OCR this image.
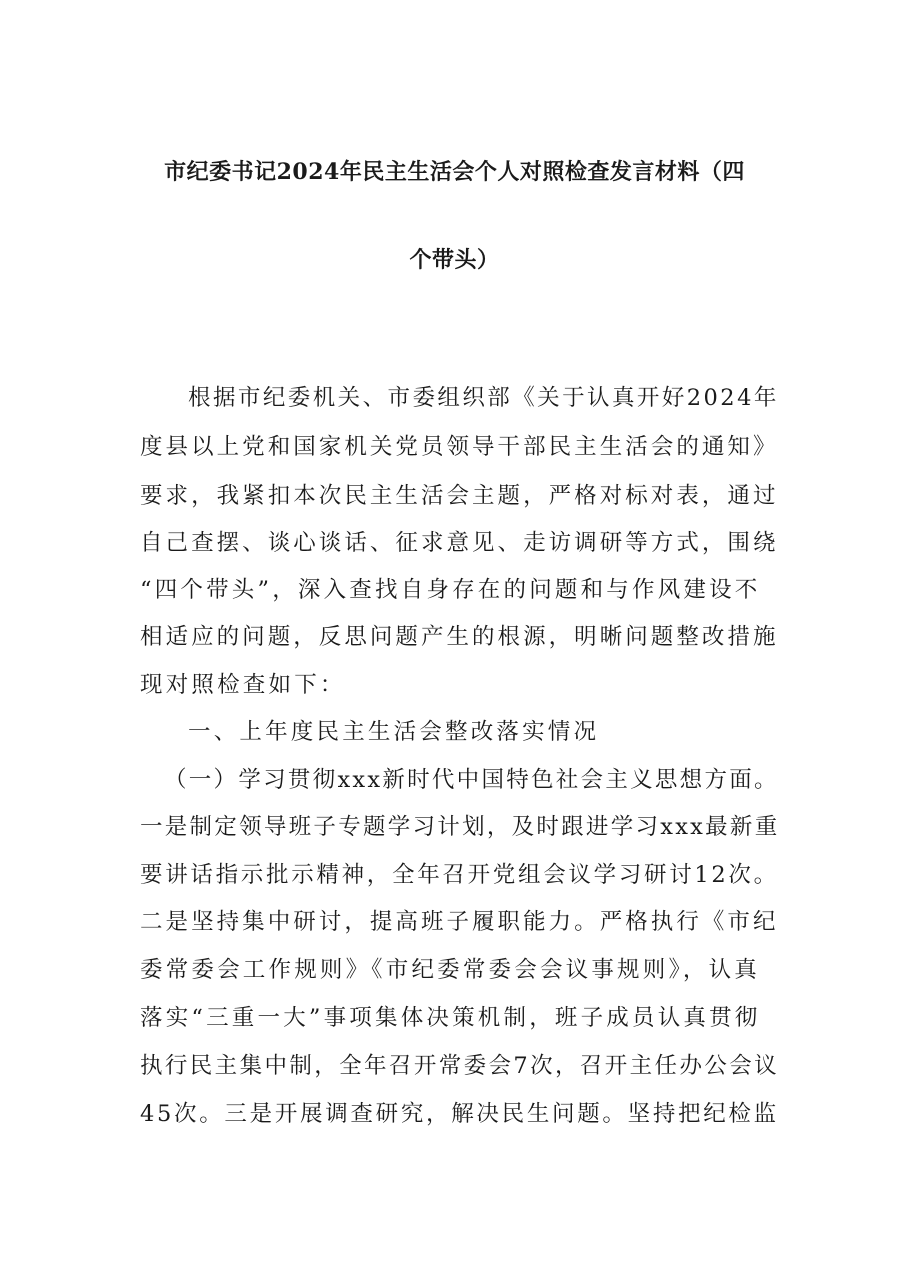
市纪委书记2024年民主生活会个人对照检查发言材料（四
个带头）
根据市纪委机关、市委组织部《关于认真开好2024年
度县以上党和国家机关党员领导干部民主生活会的通知》
要求，我紧扣本次民主生活会主题，严格对标对表，通过
自己查摆、谈心谈话、征求意见、走访调研等方式，围绕
“四个带头”，深入查找自身存在的问题和与作风建设不
相适应的问题，反思问题产生的根源，明晰问题整改措施
现对照检查如下：
一、上年度民主生活会整改落实情况
（一）学习贯彻xxx新时代中国特色社会主义思想方面。
一是制定领导班子专题学习计划，及时跟进学习xxx最新重
要讲话指示批示精神，全年召开党组会议学习研讨12次。
二是坚持集中研讨，提高班子履职能力。严格执行《市纪
委常委会工作规则》《市纪委常委会会议事规则》，认真
落实“三重一大”事项集体决策机制，班子成员认真贯彻
执行民主集中制，全年召开常委会7次，召开主任办公会议
45次。三是开展调查研究，解决民生问题。坚持把纪检监
